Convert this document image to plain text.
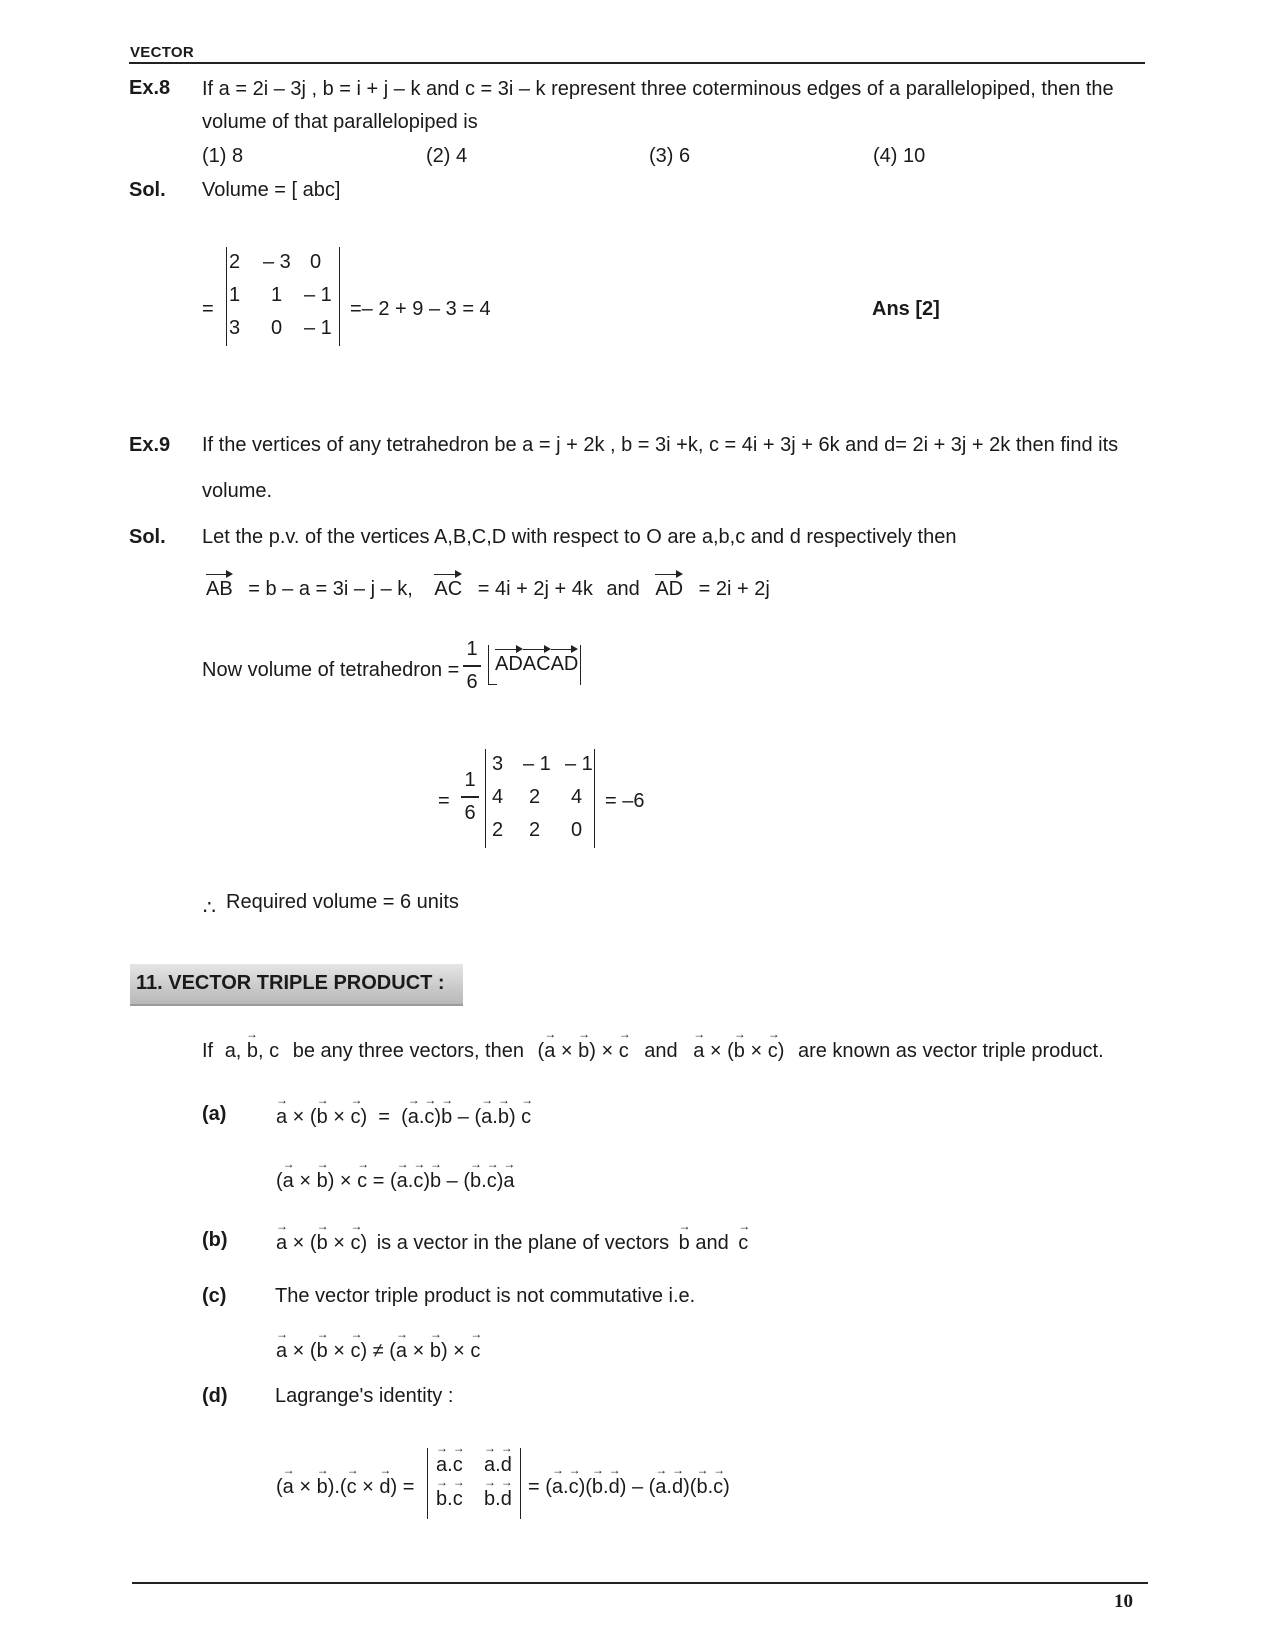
VECTOR
Ex.8 If a = 2i – 3j , b = i + j – k and c = 3i – k represent three coterminous edges of a parallelopiped, then the
volume of that parallelopiped is
(1) 8	(2) 4	(3) 6	(4) 10
Sol. Volume = [ abc]
=
2 – 3 0
1 1 – 1
3 0 – 1
=– 2 + 9 – 3 = 4	Ans [2]
Ex.9 If the vertices of any tetrahedron be a = j + 2k , b = 3i +k, c = 4i + 3j + 6k and d= 2i + 3j + 2k then find its
volume.
Sol. Let the p.v. of the vertices A,B,C,D with respect to O are a,b,c and d respectively then
AB = b – a = 3i – j – k, AC = 4i + 2j + 4k and AD = 2i + 2j
Now volume of tetrahedron =
1
6
ADACAD
=
1
6
3 – 1 – 1
4 2 4
2 2 0
= –6
∴ Required volume = 6 units
11. VECTOR TRIPLE PRODUCT :
If → a, b, c be any three vectors, then (→ a × → b) × → c and → a × (→ b × → c) are known as vector triple product.
(a) → a × (→ b × → c)  =  (→ a.→ c)→ b – (→ a.→ b) → c
(→ a × → b) × → c = (→ a.→ c)→ b – (→ b.→ c)→ a
(b) → a × (→ b × → c) is a vector in the plane of vectors → b and → c
(c) The vector triple product is not commutative i.e.
→ a × (→ b × → c) ≠ (→ a × → b) × → c
(d) Lagrange's identity :
(→ a × → b).(→ c × → d) =
→ a.→ c → a.→ d
→ b.→ c → b.→ d
= (→ a.→ c)(→ b.→ d) – (→ a.→ d)(→ b.→ c)
10
